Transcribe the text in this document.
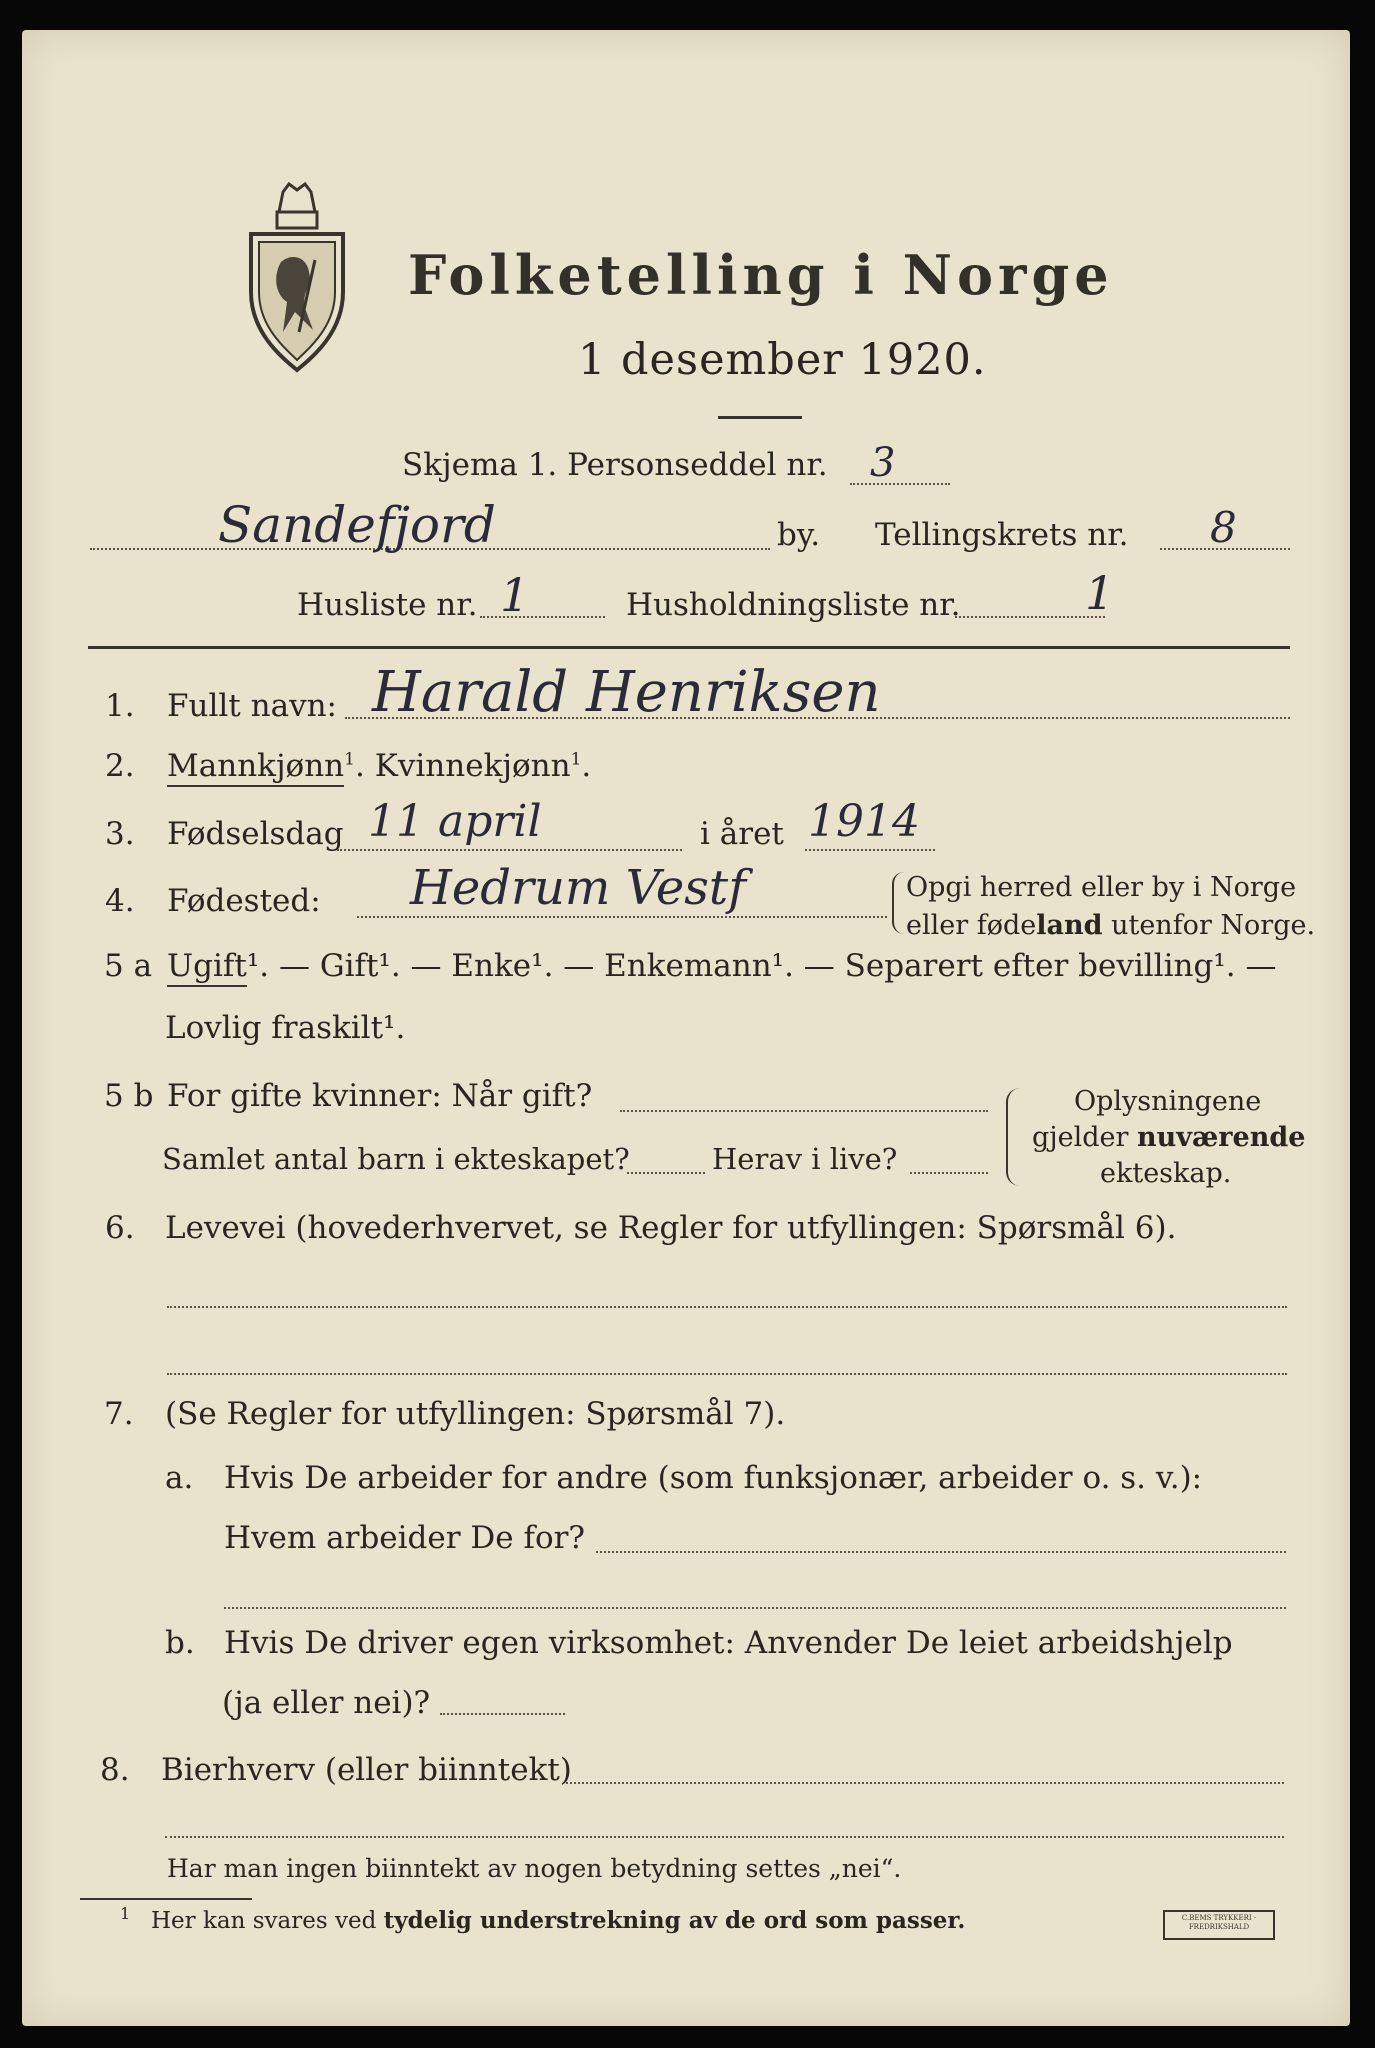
Folketelling i Norge
1 desember 1920.
Skjema 1. Personseddel nr. 3
Sandefjord	by. Tellingskrets nr. 8
Husliste nr. 1	Husholdningsliste nr.	1
1. Fullt navn: Harald Henriksen
2. Mannkjønn$^1$. Kvinnekjønn$^1$.
3. Fødselsdag 11 april	i året 1914
4. Fødested: Hedrum Vestf	Opgi herred eller by i Norge
eller fødeland utenfor Norge.
5 a Ugift¹. — Gift¹. — Enke¹. — Enkemann¹. — Separert efter bevilling¹. —
Lovlig fraskilt¹.
5 b For gifte kvinner: Når gift?
Samlet antal barn i ekteskapet?	Herav i live?
Oplysningene
gjelder nuværende
ekteskap.
6. Levevei (hovederhvervet, se Regler for utfyllingen: Spørsmål 6).
7. (Se Regler for utfyllingen: Spørsmål 7).
a. Hvis De arbeider for andre (som funksjonær, arbeider o. s. v.):
Hvem arbeider De for?
b. Hvis De driver egen virksomhet: Anvender De leiet arbeidshjelp
(ja eller nei)?
8. Bierhverv (eller biinntekt)
Har man ingen biinntekt av nogen betydning settes „nei“.
1 Her kan svares ved tydelig understrekning av de ord som passer.	C.BEMS TRYKKERI · FREDRIKSHALD
